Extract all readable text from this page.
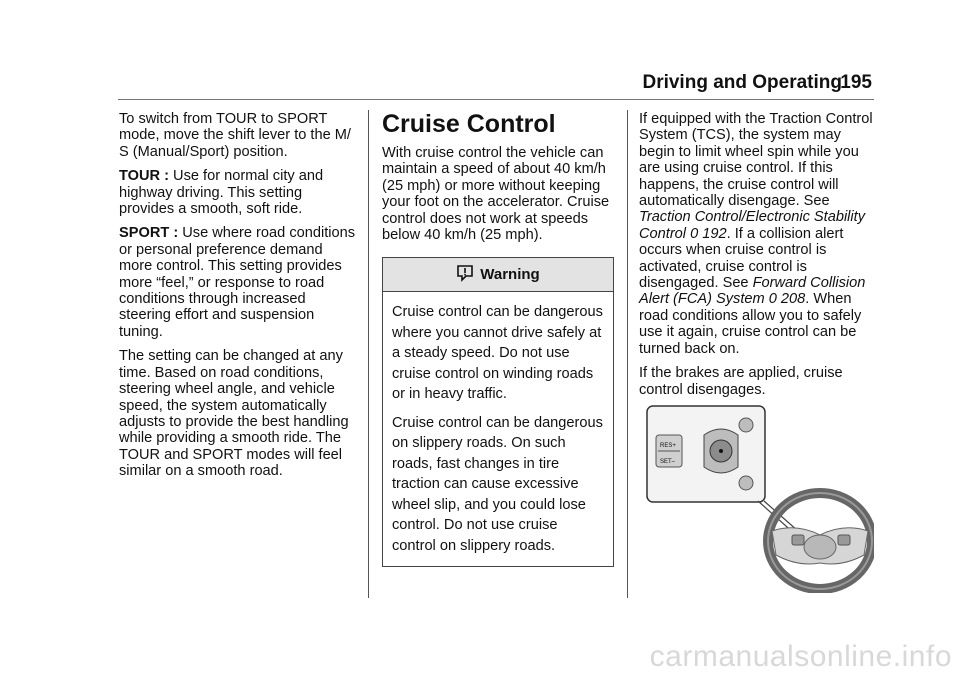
Driving and Operating
195

To switch from TOUR to SPORT mode, move the shift lever to the M/ S (Manual/Sport) position.

TOUR : Use for normal city and highway driving. This setting provides a smooth, soft ride.

SPORT : Use where road conditions or personal preference demand more control. This setting provides more “feel,” or response to road conditions through increased steering effort and suspension tuning.

The setting can be changed at any time. Based on road conditions, steering wheel angle, and vehicle speed, the system automatically adjusts to provide the best handling while providing a smooth ride. The TOUR and SPORT modes will feel similar on a smooth road.

Cruise Control

With cruise control the vehicle can maintain a speed of about 40 km/h (25 mph) or more without keeping your foot on the accelerator. Cruise control does not work at speeds below 40 km/h (25 mph).

Warning

Cruise control can be dangerous where you cannot drive safely at a steady speed. Do not use cruise control on winding roads or in heavy traffic.

Cruise control can be dangerous on slippery roads. On such roads, fast changes in tire traction can cause excessive wheel slip, and you could lose control. Do not use cruise control on slippery roads.

If equipped with the Traction Control System (TCS), the system may begin to limit wheel spin while you are using cruise control. If this happens, the cruise control will automatically disengage. See Traction Control/Electronic Stability Control 0 192. If a collision alert occurs when cruise control is activated, cruise control is disengaged. See Forward Collision Alert (FCA) System 0 208. When road conditions allow you to safely use it again, cruise control can be turned back on.

If the brakes are applied, cruise control disengages.

RES+
SET–
carmanualsonline.info
